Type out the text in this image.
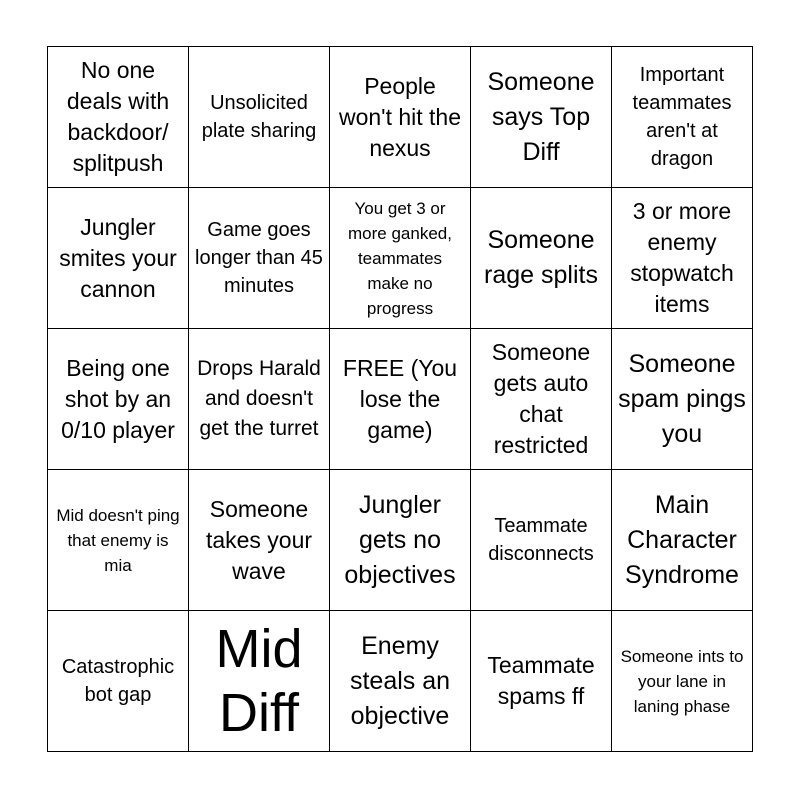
No one deals with backdoor/ splitpush
Unsolicited plate sharing
People won't hit the nexus
Someone says Top Diff
Important teammates aren't at dragon
Jungler smites your cannon
Game goes longer than 45 minutes
You get 3 or more ganked, teammates make no progress
Someone rage splits
3 or more enemy stopwatch items
Being one shot by an 0/10 player
Drops Harald and doesn't get the turret
FREE (You lose the game)
Someone gets auto chat restricted
Someone spam pings you
Mid doesn't ping that enemy is mia
Someone takes your wave
Jungler gets no objectives
Teammate disconnects
Main Character Syndrome
Catastrophic bot gap
Mid Diff
Enemy steals an objective
Teammate spams ff
Someone ints to your lane in laning phase
